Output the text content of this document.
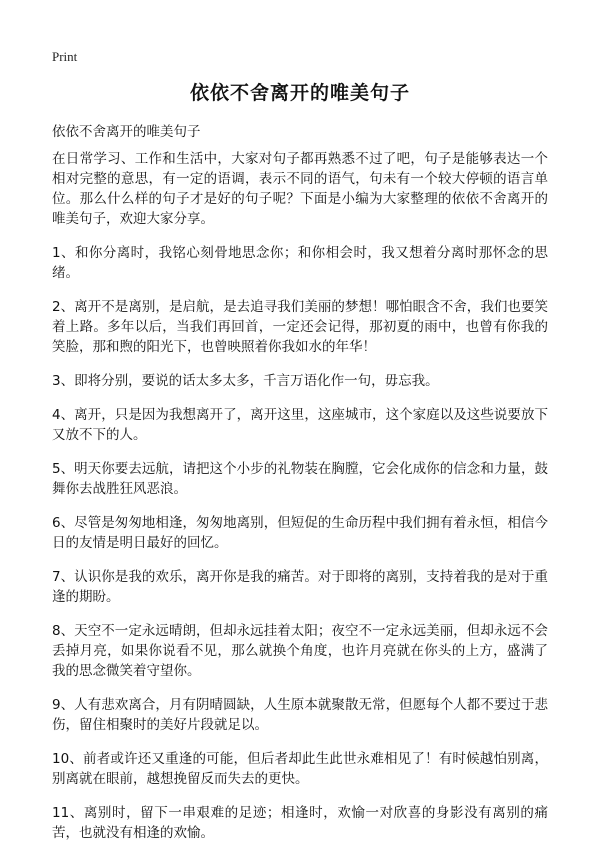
Print
依依不舍离开的唯美句子

依依不舍离开的唯美句子

在日常学习、工作和生活中，大家对句子都再熟悉不过了吧，句子是能够表达一个相对完整的意思，有一定的语调，表示不同的语气，句未有一个较大停顿的语言单位。那么什么样的句子才是好的句子呢？下面是小编为大家整理的依依不舍离开的唯美句子，欢迎大家分享。

1、和你分离时，我铭心刻骨地思念你；和你相会时，我又想着分离时那怀念的思绪。

2、离开不是离别，是启航，是去追寻我们美丽的梦想！哪怕眼含不舍，我们也要笑着上路。多年以后，当我们再回首，一定还会记得，那初夏的雨中，也曾有你我的笑脸，那和煦的阳光下，也曾映照着你我如水的年华！

3、即将分别，要说的话太多太多，千言万语化作一句，毋忘我。

4、离开，只是因为我想离开了，离开这里，这座城市，这个家庭以及这些说要放下又放不下的人。

5、明天你要去远航，请把这个小步的礼物装在胸膛，它会化成你的信念和力量，鼓舞你去战胜狂风恶浪。

6、尽管是匆匆地相逢，匆匆地离别，但短促的生命历程中我们拥有着永恒，相信今日的友情是明日最好的回忆。

7、认识你是我的欢乐，离开你是我的痛苦。对于即将的离别，支持着我的是对于重逢的期盼。

8、天空不一定永远晴朗，但却永远挂着太阳；夜空不一定永远美丽，但却永远不会丢掉月亮，如果你说看不见，那么就换个角度，也许月亮就在你头的上方，盛满了我的思念微笑着守望你。

9、人有悲欢离合，月有阴晴圆缺，人生原本就聚散无常，但愿每个人都不要过于悲伤，留住相聚时的美好片段就足以。

10、前者或许还又重逢的可能，但后者却此生此世永难相见了！有时候越怕别离，别离就在眼前，越想挽留反而失去的更快。

11、离别时，留下一串艰难的足迹；相逢时，欢愉一对欣喜的身影没有离别的痛苦，也就没有相逢的欢愉。
